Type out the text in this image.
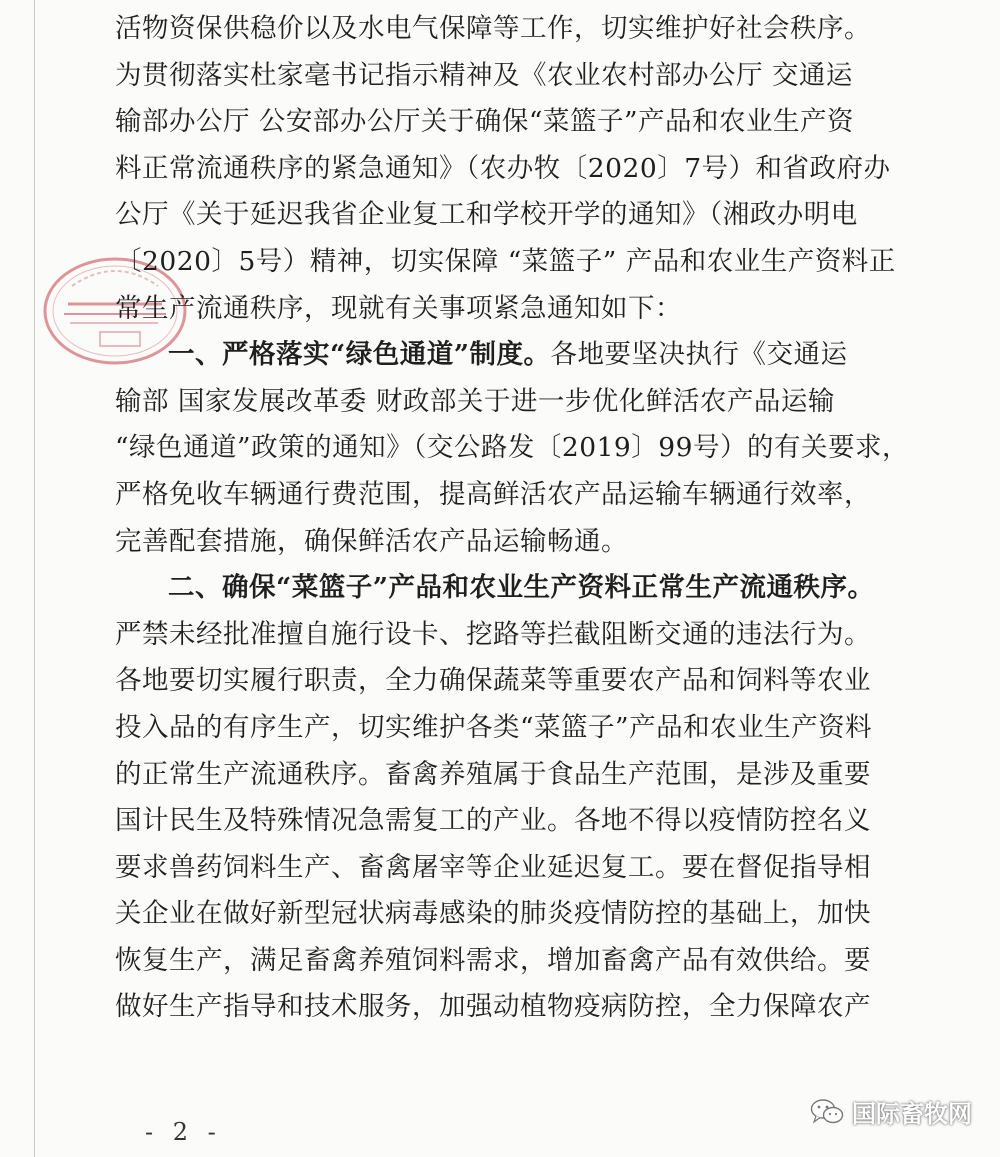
活物资保供稳价以及水电气保障等工作，切实维护好社会秩序。
为贯彻落实杜家毫书记指示精神及《农业农村部办公厅 交通运
输部办公厅 公安部办公厅关于确保“菜篮子”产品和农业生产资
料正常流通秩序的紧急通知》（农办牧〔2020〕7号）和省政府办
公厅《关于延迟我省企业复工和学校开学的通知》（湘政办明电
〔2020〕5号）精神，切实保障 “菜篮子” 产品和农业生产资料正
常生产流通秩序，现就有关事项紧急通知如下：
一、严格落实“绿色通道”制度。各地要坚决执行《交通运
输部 国家发展改革委 财政部关于进一步优化鲜活农产品运输
“绿色通道”政策的通知》（交公路发〔2019〕99号）的有关要求，
严格免收车辆通行费范围，提高鲜活农产品运输车辆通行效率，
完善配套措施，确保鲜活农产品运输畅通。
二、确保“菜篮子”产品和农业生产资料正常生产流通秩序。
严禁未经批准擅自施行设卡、挖路等拦截阻断交通的违法行为。
各地要切实履行职责，全力确保蔬菜等重要农产品和饲料等农业
投入品的有序生产，切实维护各类“菜篮子”产品和农业生产资料
的正常生产流通秩序。畜禽养殖属于食品生产范围，是涉及重要
国计民生及特殊情况急需复工的产业。各地不得以疫情防控名义
要求兽药饲料生产、畜禽屠宰等企业延迟复工。要在督促指导相
关企业在做好新型冠状病毒感染的肺炎疫情防控的基础上，加快
恢复生产，满足畜禽养殖饲料需求，增加畜禽产品有效供给。要
做好生产指导和技术服务，加强动植物疫病防控，全力保障农产
- 2 -
国际畜牧网
